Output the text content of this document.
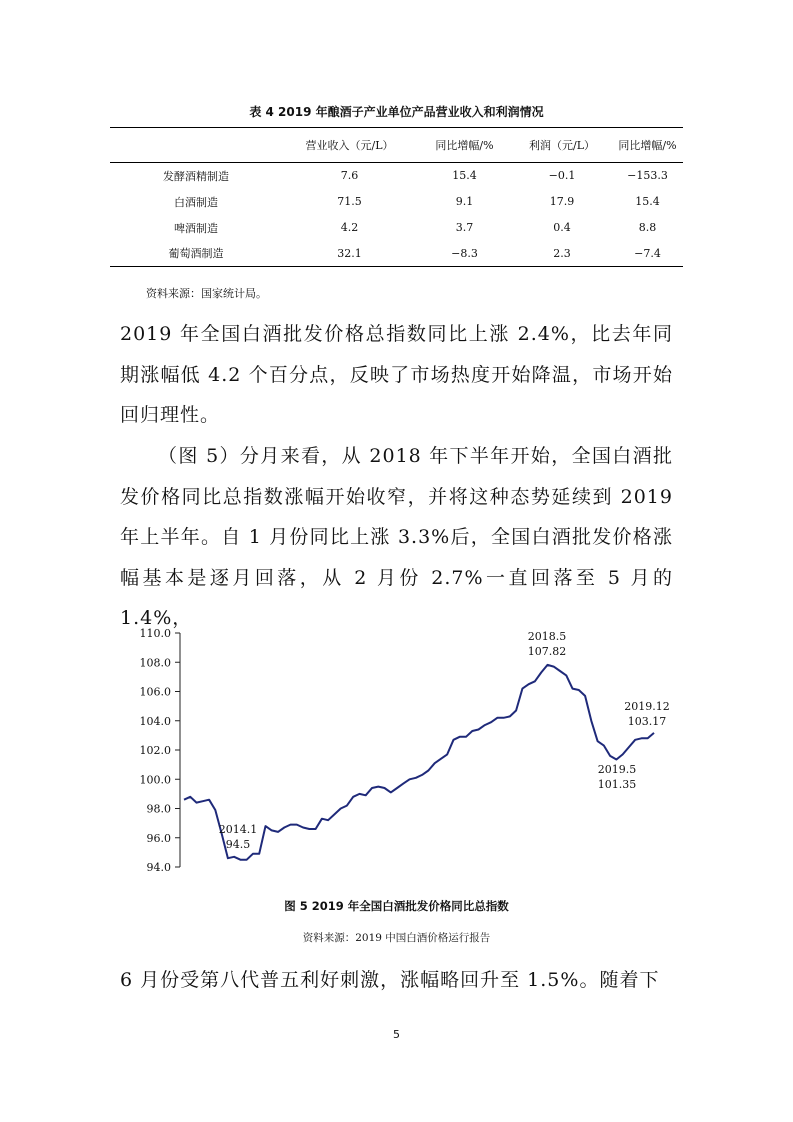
表 4 2019 年酿酒子产业单位产品营业收入和利润情况
	营业收入（元/L）	同比增幅/%	利润（元/L）	同比增幅/%
发酵酒精制造	7.6	15.4	−0.1	−153.3
白酒制造	71.5	9.1	17.9	15.4
啤酒制造	4.2	3.7	0.4	8.8
葡萄酒制造	32.1	−8.3	2.3	−7.4
资料来源：国家统计局。

2019 年全国白酒批发价格总指数同比上涨 2.4%，比去年同期涨幅低 4.2 个百分点，反映了市场热度开始降温，市场开始回归理性。

（图 5）分月来看，从 2018 年下半年开始，全国白酒批发价格同比总指数涨幅开始收窄，并将这种态势延续到 2019 年上半年。自 1 月份同比上涨 3.3%后，全国白酒批发价格涨幅基本是逐月回落，从 2 月份 2.7%一直回落至 5 月的 1.4%，

94.0
96.0
98.0
100.0
102.0
104.0
106.0
108.0
110.0
2014.1
94.5
2018.5
107.82
2019.5
101.35
2019.12
103.17
图 5 2019 年全国白酒批发价格同比总指数
资料来源：2019 中国白酒价格运行报告

6 月份受第八代普五利好刺激，涨幅略回升至 1.5%。随着下

5
